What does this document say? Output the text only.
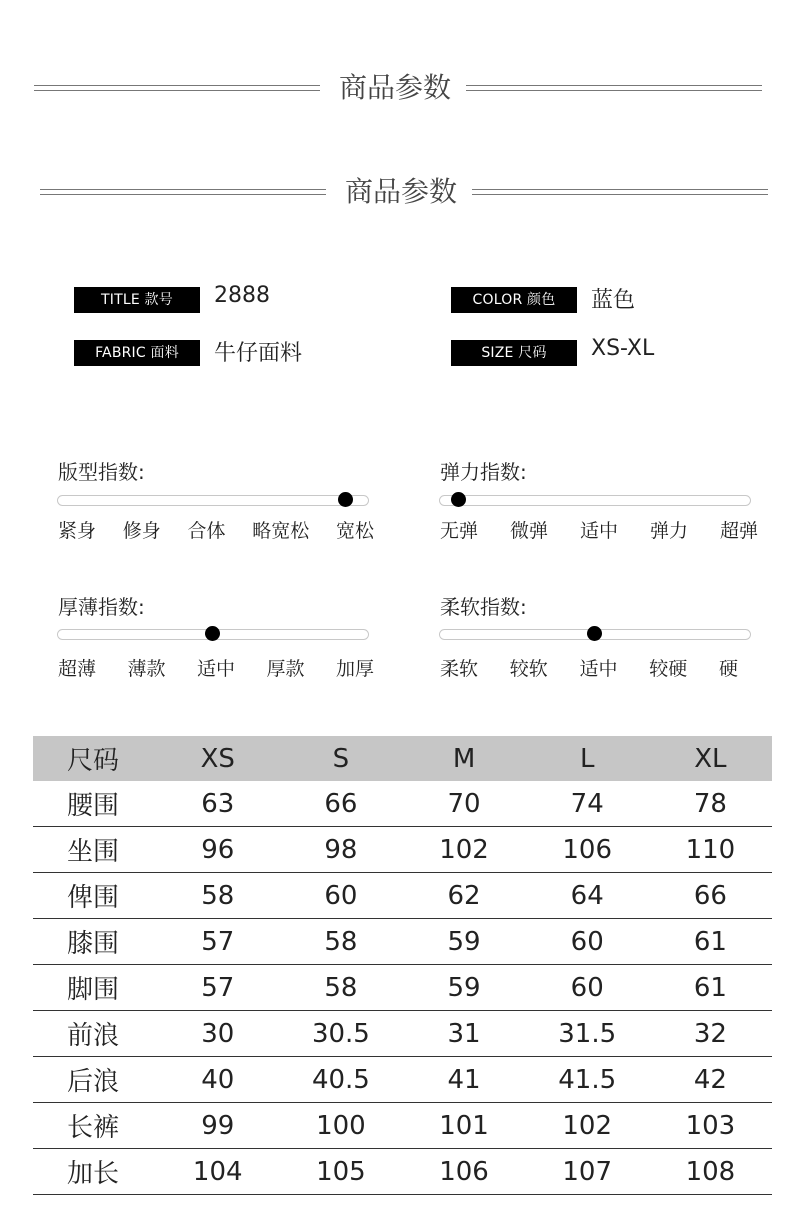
商品参数
商品参数
TITLE 款号	2888	COLOR 颜色	蓝色
FABRIC 面料	牛仔面料	SIZE 尺码	XS-XL
版型指数:
紧身 修身 合体 略宽松 宽松
弹力指数:
无弹 微弹 适中 弹力 超弹
厚薄指数:
超薄 薄款 适中 厚款 加厚
柔软指数:
柔软 较软 适中 较硬 硬
尺码	XS	S	M	L	XL
腰围	63	66	70	74	78
坐围	96	98	102	106	110
俾围	58	60	62	64	66
膝围	57	58	59	60	61
脚围	57	58	59	60	61
前浪	30	30.5	31	31.5	32
后浪	40	40.5	41	41.5	42
长裤	99	100	101	102	103
加长	104	105	106	107	108
